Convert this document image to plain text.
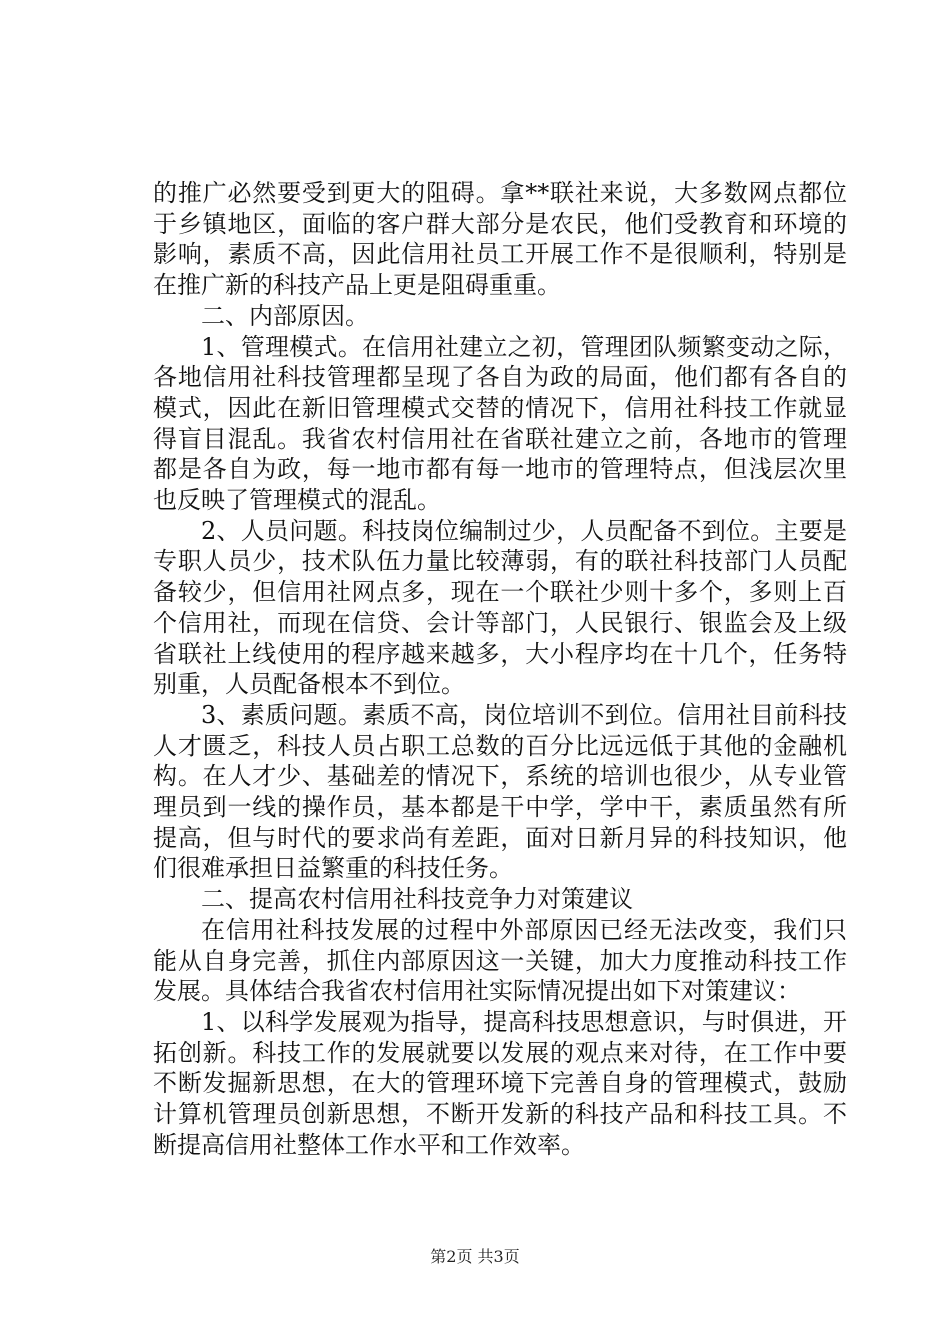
的推广必然要受到更大的阻碍。拿**联社来说，大多数网点都位于乡镇地区，面临的客户群大部分是农民，他们受教育和环境的影响，素质不高，因此信用社员工开展工作不是很顺利，特别是在推广新的科技产品上更是阻碍重重。

二、内部原因。

1、管理模式。在信用社建立之初，管理团队频繁变动之际，各地信用社科技管理都呈现了各自为政的局面，他们都有各自的模式，因此在新旧管理模式交替的情况下，信用社科技工作就显得盲目混乱。我省农村信用社在省联社建立之前，各地市的管理都是各自为政，每一地市都有每一地市的管理特点，但浅层次里也反映了管理模式的混乱。

2、人员问题。科技岗位编制过少，人员配备不到位。主要是专职人员少，技术队伍力量比较薄弱，有的联社科技部门人员配备较少，但信用社网点多，现在一个联社少则十多个，多则上百个信用社，而现在信贷、会计等部门，人民银行、银监会及上级省联社上线使用的程序越来越多，大小程序均在十几个，任务特别重，人员配备根本不到位。

3、素质问题。素质不高，岗位培训不到位。信用社目前科技人才匮乏，科技人员占职工总数的百分比远远低于其他的金融机构。在人才少、基础差的情况下，系统的培训也很少，从专业管理员到一线的操作员，基本都是干中学，学中干，素质虽然有所提高，但与时代的要求尚有差距，面对日新月异的科技知识，他们很难承担日益繁重的科技任务。

二、提高农村信用社科技竞争力对策建议

在信用社科技发展的过程中外部原因已经无法改变，我们只能从自身完善，抓住内部原因这一关键，加大力度推动科技工作发展。具体结合我省农村信用社实际情况提出如下对策建议：

1、以科学发展观为指导，提高科技思想意识，与时俱进，开拓创新。科技工作的发展就要以发展的观点来对待，在工作中要不断发掘新思想，在大的管理环境下完善自身的管理模式，鼓励计算机管理员创新思想，不断开发新的科技产品和科技工具。不断提高信用社整体工作水平和工作效率。

第2页 共3页
